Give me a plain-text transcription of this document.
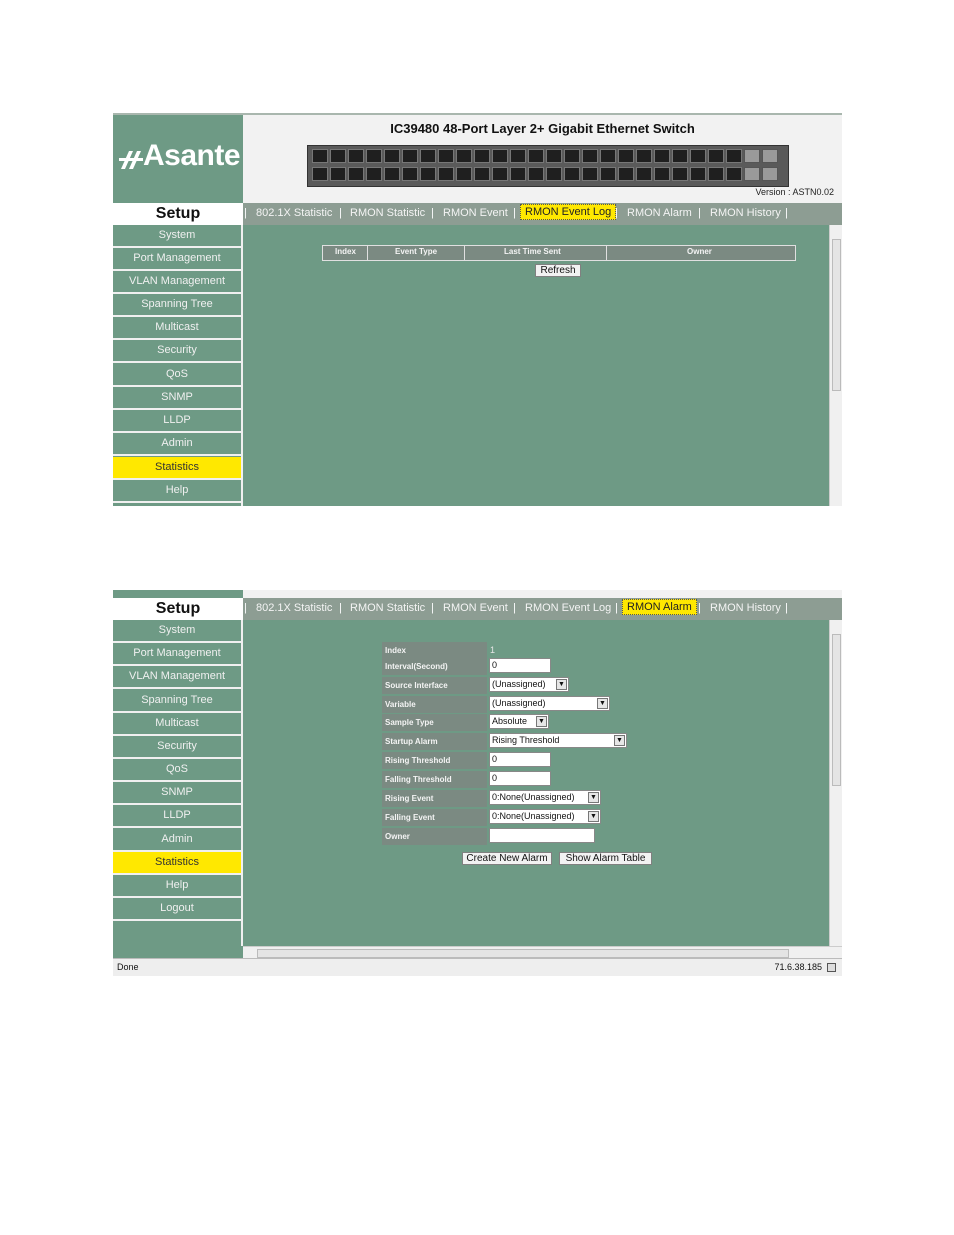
Asante
IC39480 48-Port Layer 2+ Gigabit Ethernet Switch
Version : ASTN0.02
Setup	| 802.1X Statistic | RMON Statistic | RMON Event | RMON Event Log | RMON Alarm | RMON History |
System
Port Management
VLAN Management
Spanning Tree
Multicast
Security
QoS
SNMP
LLDP
Admin
Statistics
Help
Index	Event Type	Last Time Sent	Owner
Refresh
Setup	| 802.1X Statistic | RMON Statistic | RMON Event | RMON Event Log | RMON Alarm | RMON History |
System
Port Management
VLAN Management
Spanning Tree
Multicast
Security
QoS
SNMP
LLDP
Admin
Statistics
Help
Logout
Index	1
Interval(Second)	0
Source Interface	(Unassigned) ▼
Variable	(Unassigned)	▼
Sample Type	Absolute ▼
Startup Alarm	Rising Threshold	▼
Rising Threshold	0
Falling Threshold	0
Rising Event	0:None(Unassigned) ▼
Falling Event	0:None(Unassigned) ▼
Owner
Create New Alarm	Show Alarm Table
Done	71.6.38.185
